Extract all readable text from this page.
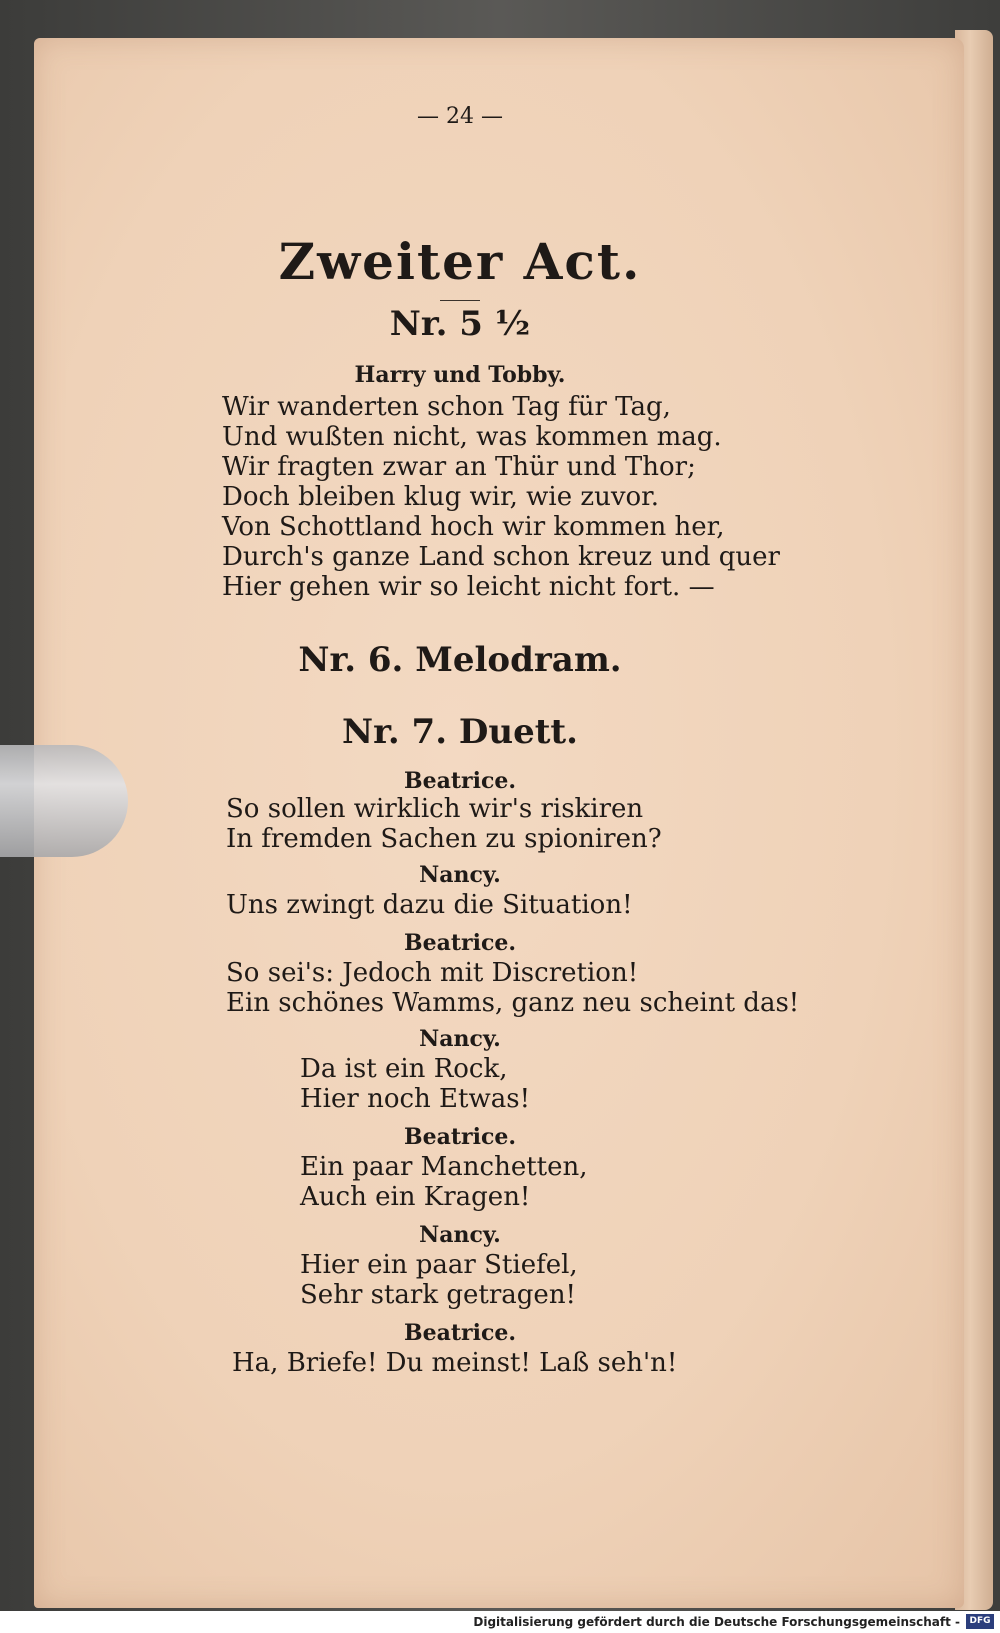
— 24 —

Zweiter Act.

Nr. 5 ½

Harry und Tobby.

Wir wanderten schon Tag für Tag,

Und wußten nicht, was kommen mag.

Wir fragten zwar an Thür und Thor;

Doch bleiben klug wir, wie zuvor.

Von Schottland hoch wir kommen her,

Durch's ganze Land schon kreuz und quer

Hier gehen wir so leicht nicht fort. —

Nr. 6. Melodram.

Nr. 7. Duett.

Beatrice.

So sollen wirklich wir's riskiren

In fremden Sachen zu spioniren?

Nancy.

Uns zwingt dazu die Situation!

Beatrice.

So sei's: Jedoch mit Discretion!

Ein schönes Wamms, ganz neu scheint das!

Nancy.

Da ist ein Rock,

Hier noch Etwas!

Beatrice.

Ein paar Manchetten,

Auch ein Kragen!

Nancy.

Hier ein paar Stiefel,

Sehr stark getragen!

Beatrice.

Ha, Briefe! Du meinst! Laß seh'n!

Digitalisierung gefördert durch die Deutsche Forschungsgemeinschaft -	DFG
